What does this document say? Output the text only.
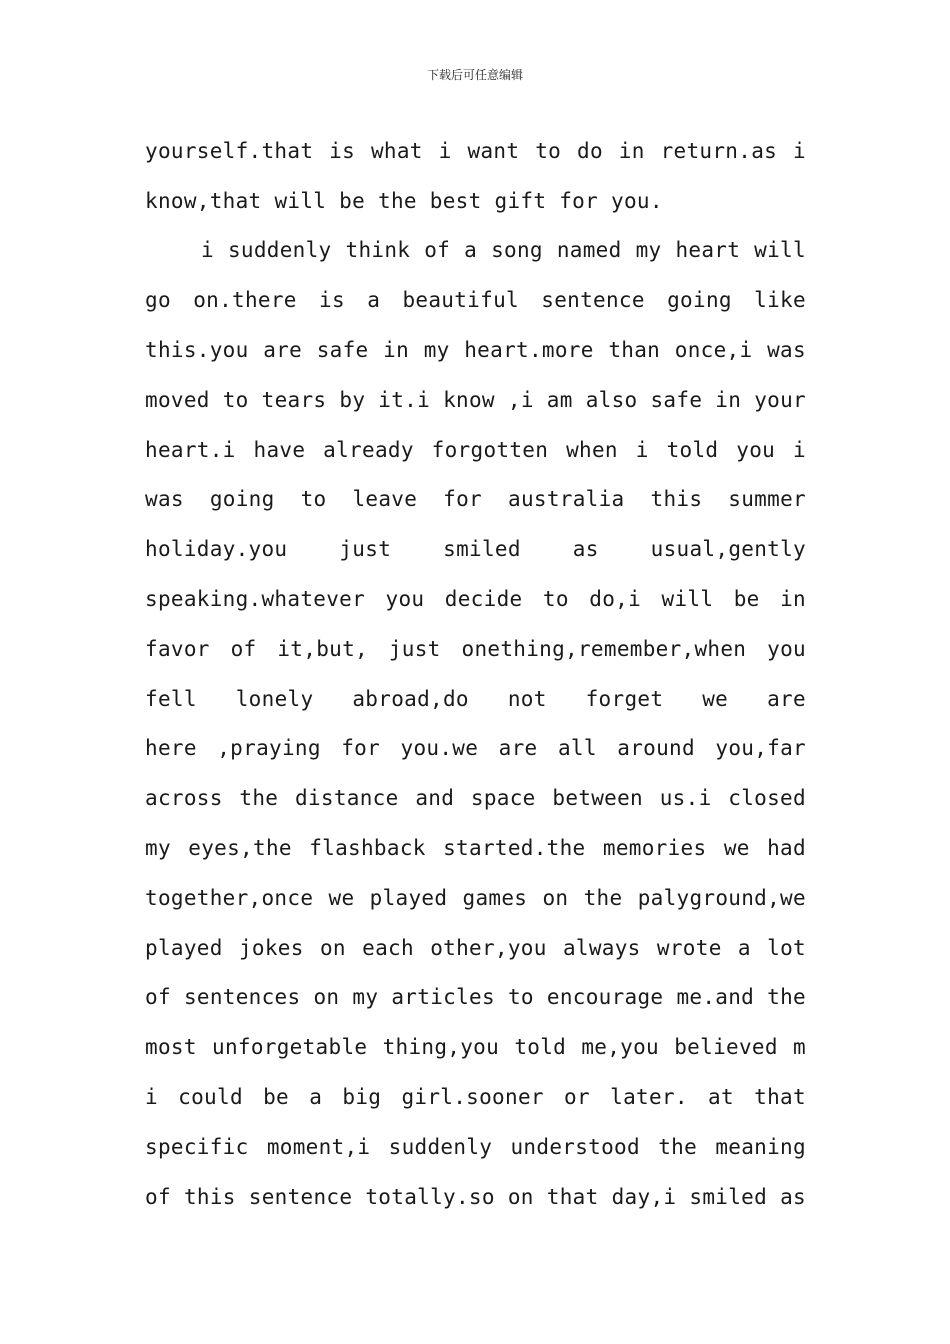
下载后可任意编辑
yourself.that is what i want to do in return.as i
know,that will be the best gift for you.
i suddenly think of a song named my heart will
go on.there is a beautiful sentence going like
this.you are safe in my heart.more than once,i was
moved to tears by it.i know ,i am also safe in your
heart.i have already forgotten when i told you i
was going to leave for australia this summer
holiday.you just smiled as usual,gently
speaking.whatever you decide to do,i will be in
favor of it,but, just onething,remember,when you
fell lonely abroad,do not forget we are
here ,praying for you.we are all around you,far
across the distance and space between us.i closed
my eyes,the flashback started.the memories we had
together,once we played games on the palyground,we
played jokes on each other,you always wrote a lot
of sentences on my articles to encourage me.and the
most unforgetable thing,you told me,you believed m
i could be a big girl.sooner or later. at that
specific moment,i suddenly understood the meaning
of this sentence totally.so on that day,i smiled as
